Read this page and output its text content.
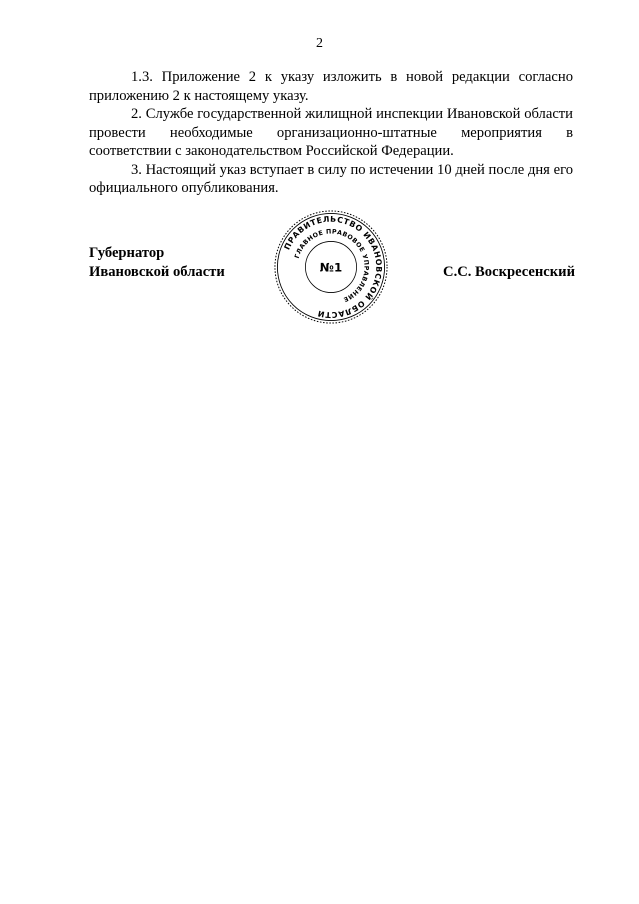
2

1.3. Приложение 2 к указу изложить в новой редакции согласно приложению 2 к настоящему указу.

2. Службе государственной жилищной инспекции Ивановской области провести необходимые организационно-штатные мероприятия в соответствии с законодательством Российской Федерации.

3. Настоящий указ вступает в силу по истечении 10 дней после дня его официального опубликования.

Губернатор
Ивановской области	С.С. Воскресенский
ПРАВИТЕЛЬСТВО ИВАНОВСКОЙ ОБЛАСТИ
ГЛАВНОЕ ПРАВОВОЕ УПРАВЛЕНИЕ
№1
